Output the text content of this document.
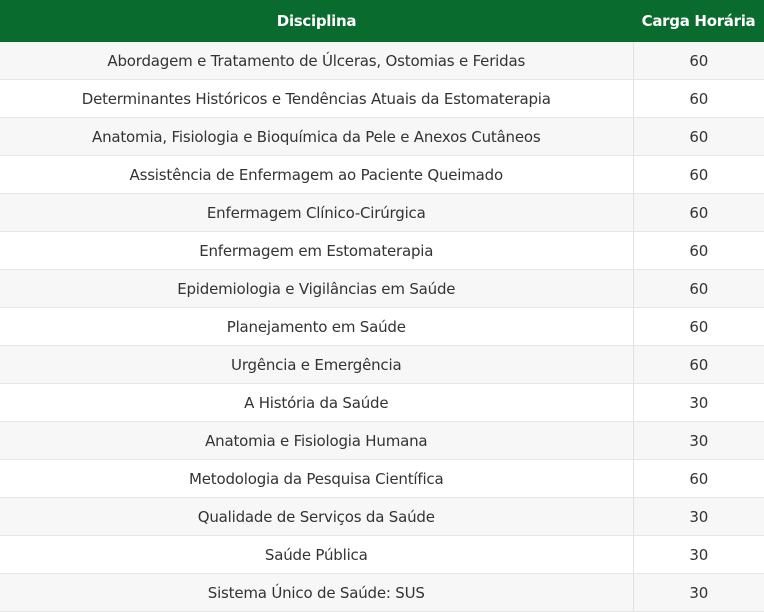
Disciplina	Carga Horária
Abordagem e Tratamento de Úlceras, Ostomias e Feridas	60
Determinantes Históricos e Tendências Atuais da Estomaterapia	60
Anatomia, Fisiologia e Bioquímica da Pele e Anexos Cutâneos	60
Assistência de Enfermagem ao Paciente Queimado	60
Enfermagem Clínico-Cirúrgica	60
Enfermagem em Estomaterapia	60
Epidemiologia e Vigilâncias em Saúde	60
Planejamento em Saúde	60
Urgência e Emergência	60
A História da Saúde	30
Anatomia e Fisiologia Humana	30
Metodologia da Pesquisa Científica	60
Qualidade de Serviços da Saúde	30
Saúde Pública	30
Sistema Único de Saúde: SUS	30
